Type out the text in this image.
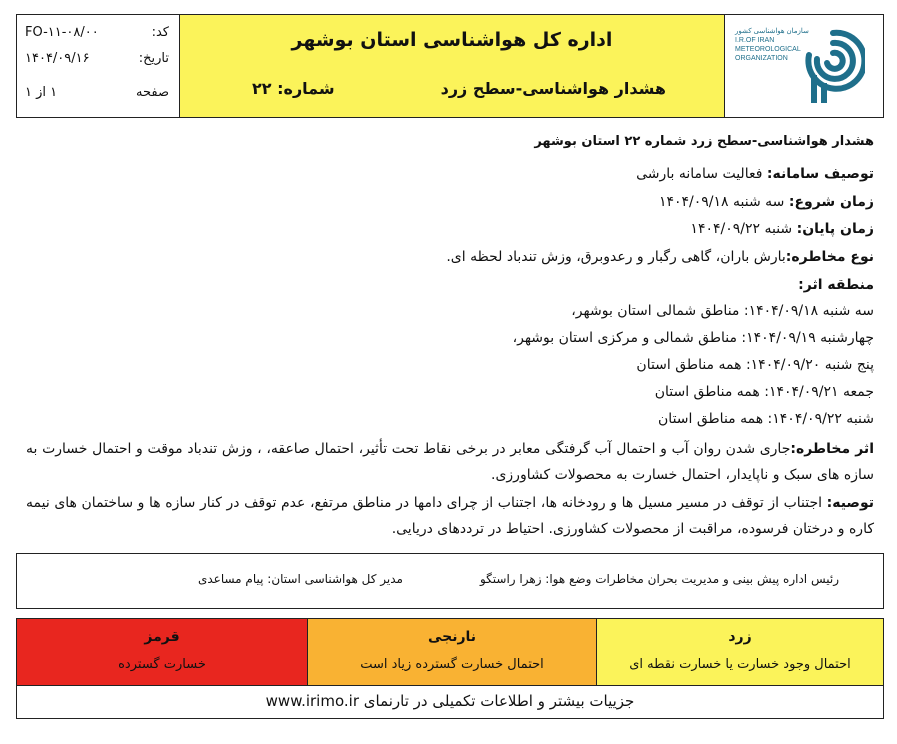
کد:
FO-۱۱-۰۸/۰۰
تاریخ:
۱۴۰۴/۰۹/۱۶
صفحه
۱ از ۱
اداره کل هواشناسی استان بوشهر
هشدار هواشناسی-سطح زرد
شماره: ۲۲
سازمان هواشناسی کشور
I.R.OF IRAN
METEOROLOGICAL
ORGANIZATION
هشدار هواشناسی-سطح زرد شماره ۲۲ استان بوشهر
توصیف سامانه: فعالیت سامانه بارشی
زمان شروع: سه شنبه ۱۴۰۴/۰۹/۱۸
زمان پایان: شنبه ۱۴۰۴/۰۹/۲۲
نوع مخاطره:بارش باران، گاهی رگبار و رعدوبرق، وزش تندباد لحظه ای.
منطقه اثر:
سه شنبه ۱۴۰۴/۰۹/۱۸: مناطق شمالی استان بوشهر،
چهارشنبه ۱۴۰۴/۰۹/۱۹: مناطق شمالی و مرکزی استان بوشهر،
پنج شنبه ۱۴۰۴/۰۹/۲۰: همه مناطق استان
جمعه ۱۴۰۴/۰۹/۲۱: همه مناطق استان
شنبه ۱۴۰۴/۰۹/۲۲: همه مناطق استان
اثر مخاطره:جاری شدن روان آب و احتمال آب گرفتگی معابر در برخی نقاط تحت تأثیر، احتمال صاعقه، ، وزش تندباد موقت و احتمال خسارت به سازه های سبک و ناپایدار، احتمال خسارت به محصولات کشاورزی.
توصیه: اجتناب از توقف در مسیر مسیل ها و رودخانه ها، اجتناب از چرای دامها در مناطق مرتفع، عدم توقف در کنار سازه ها و ساختمان های نیمه کاره و درختان فرسوده، مراقبت از محصولات کشاورزی. احتیاط در ترددهای دریایی.
رئیس اداره پیش بینی و مدیریت بحران مخاطرات وضع هوا: زهرا راستگو
مدیر کل هواشناسی استان: پیام مساعدی
زرد
احتمال وجود خسارت یا خسارت نقطه ای
نارنجی
احتمال خسارت گسترده زیاد است
قرمز
خسارت گسترده
جزییات بیشتر و اطلاعات تکمیلی در تارنمای www.irimo.ir
